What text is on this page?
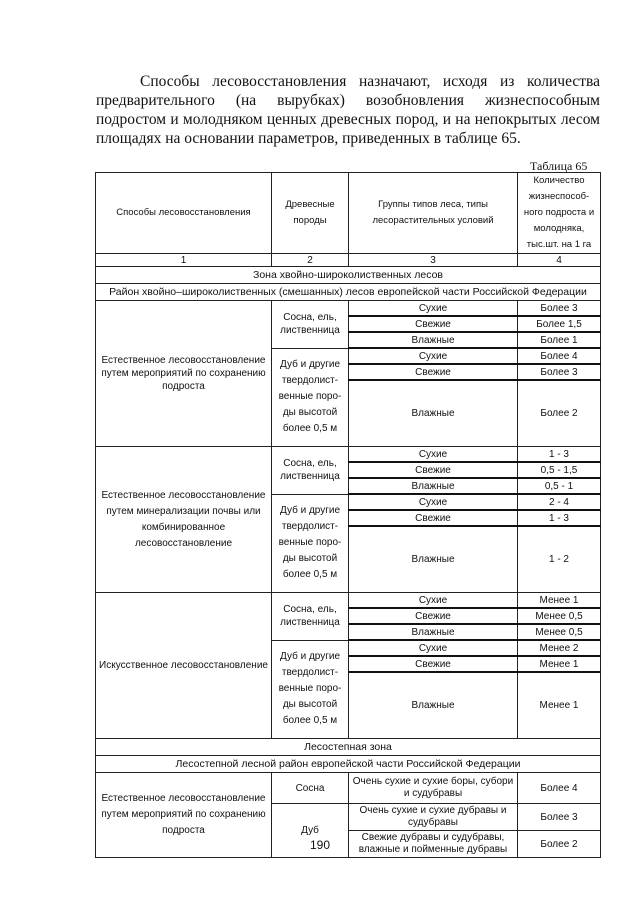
Способы лесовосстановления назначают, исходя из количества предварительного (на вырубках) возобновления жизнеспособным подростом и молодняком ценных древесных пород, и на непокрытых лесом площадях на основании параметров, приведенных в таблице 65.

Таблица 65
Способы лесовосстановления	Древесные породы	Группы типов леса, типы лесорастительных условий	Количество жизнеспособ-ного подроста и молодняка, тыс.шт. на 1 га
1	2	3	4
Зона хвойно-широколиственных лесов			
Район хвойно–широколиственных (смешанных) лесов европейской части Российской Федерации			
Естественное лесовосстановление путем мероприятий по сохранению подроста	Сосна, ель, лиственница	Сухие	Более 3
		Свежие	Более 1,5
		Влажные	Более 1
	Дуб и другие твердолист-венные поро-ды высотой более 0,5 м	Сухие	Более 4
		Свежие	Более 3
		Влажные	Более 2
Естественное лесовосстановление путем минерализации почвы или комбинированное лесовосстановление	Сосна, ель, лиственница	Сухие	1 - 3
		Свежие	0,5 - 1,5
		Влажные	0,5 - 1
	Дуб и другие твердолист-венные поро-ды высотой более 0,5 м	Сухие	2 - 4
		Свежие	1 - 3
		Влажные	1 - 2
Искусственное лесовосстановление	Сосна, ель, лиственница	Сухие	Менее 1
		Свежие	Менее 0,5
		Влажные	Менее 0,5
	Дуб и другие твердолист-венные поро-ды высотой более 0,5 м	Сухие	Менее 2
		Свежие	Менее 1
		Влажные	Менее 1
Лесостепная зона			
Лесостепной лесной район европейской части Российской Федерации			
Естественное лесовосстановление путем мероприятий по сохранению подроста	Сосна	Очень сухие и сухие боры, субори и судубравы	Более 4
	Дуб	Очень сухие и сухие дубравы и судубравы	Более 3
		Свежие дубравы и судубравы, влажные и пойменные дубравы	Более 2
190
